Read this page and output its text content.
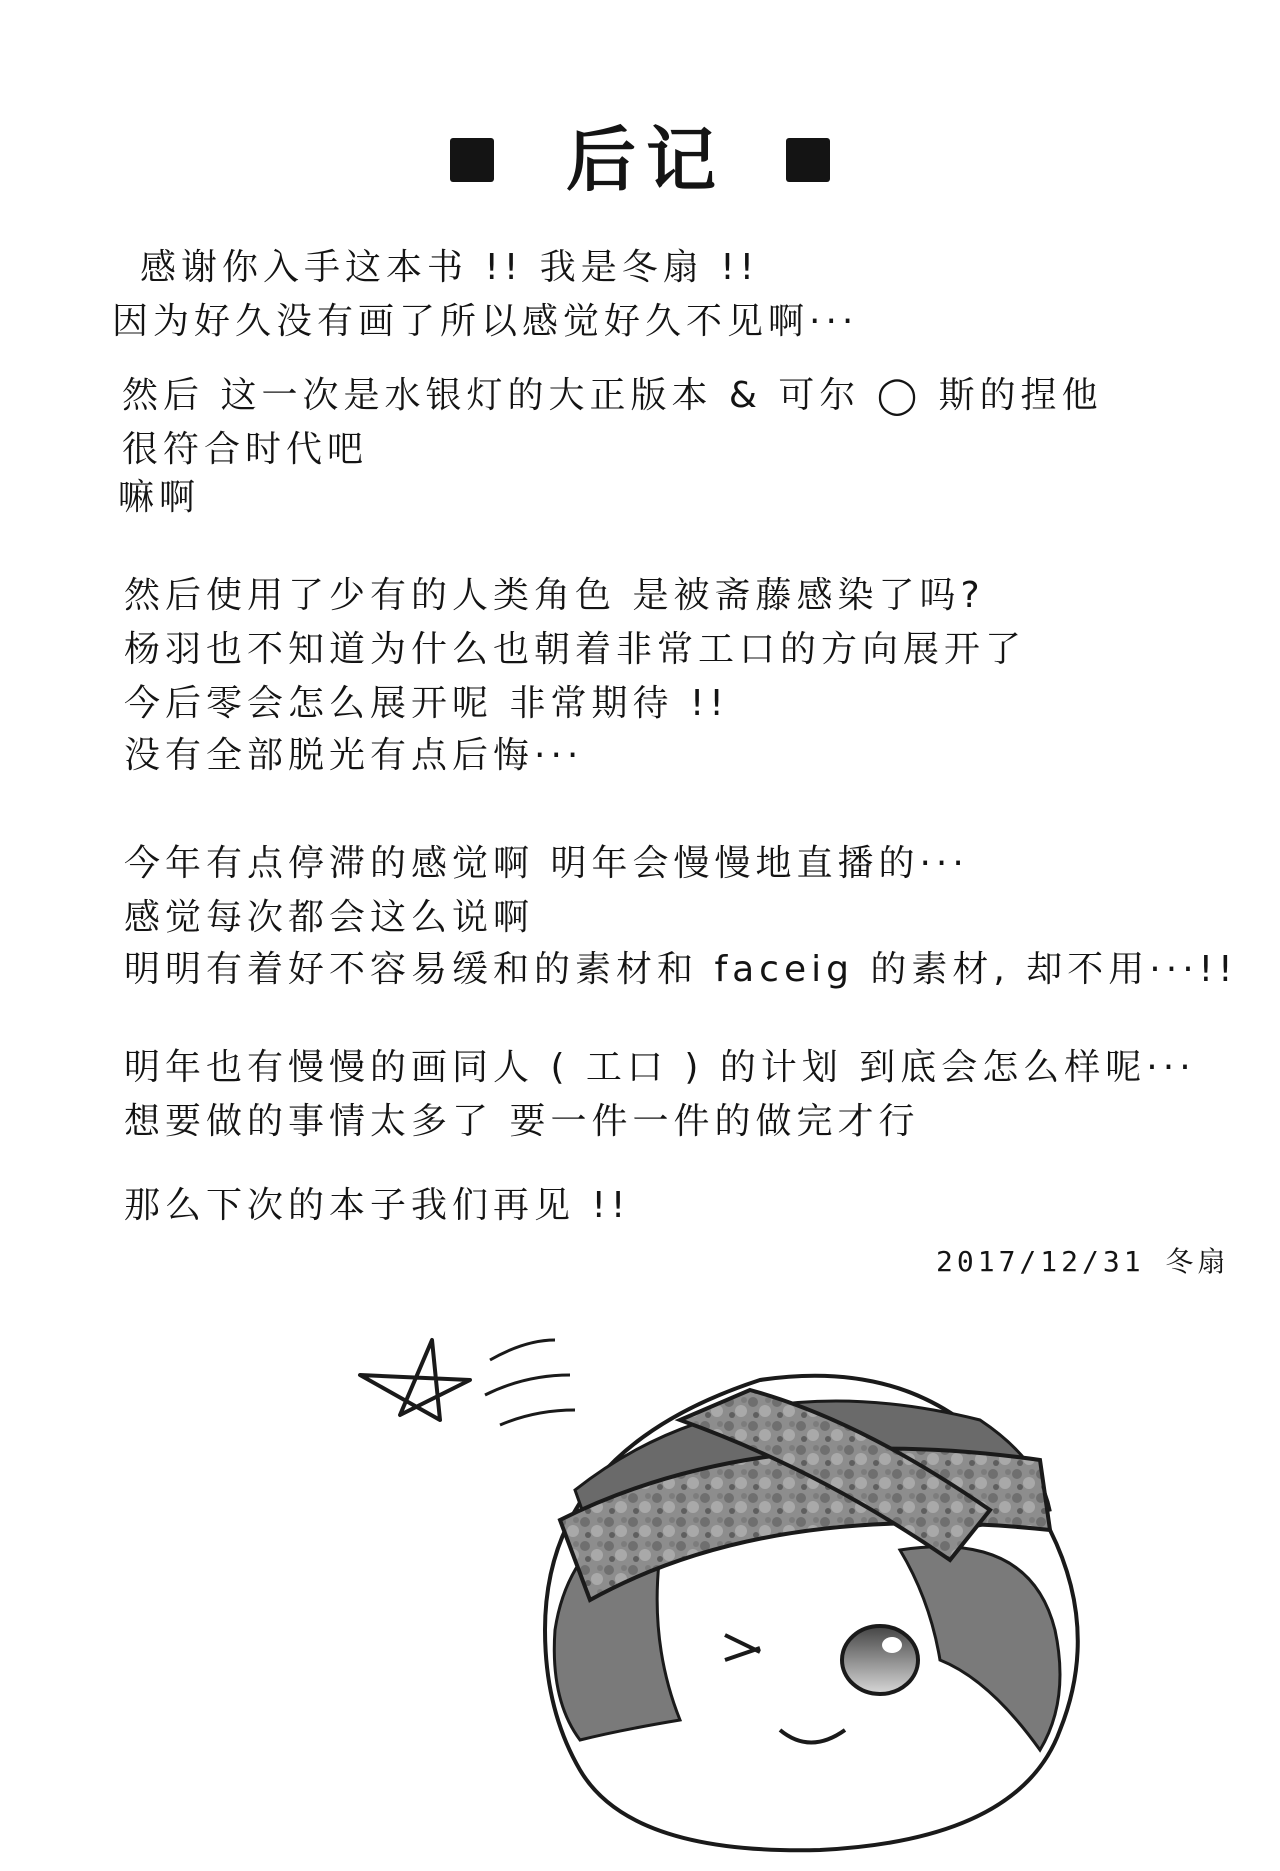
后记
感谢你入手这本书 !! 我是冬扇 !!
因为好久没有画了所以感觉好久不见啊···
然后 这一次是水银灯的大正版本 & 可尔 ◯ 斯的捏他
很符合时代吧
嘛啊
然后使用了少有的人类角色 是被斋藤感染了吗?
杨羽也不知道为什么也朝着非常工口的方向展开了
今后零会怎么展开呢 非常期待 !!
没有全部脱光有点后悔···
今年有点停滞的感觉啊 明年会慢慢地直播的···
感觉每次都会这么说啊
明明有着好不容易缓和的素材和 faceig 的素材, 却不用···!!
明年也有慢慢的画同人 ( 工口 ) 的计划 到底会怎么样呢···
想要做的事情太多了 要一件一件的做完才行
那么下次的本子我们再见 !!
2017/12/31 冬扇
